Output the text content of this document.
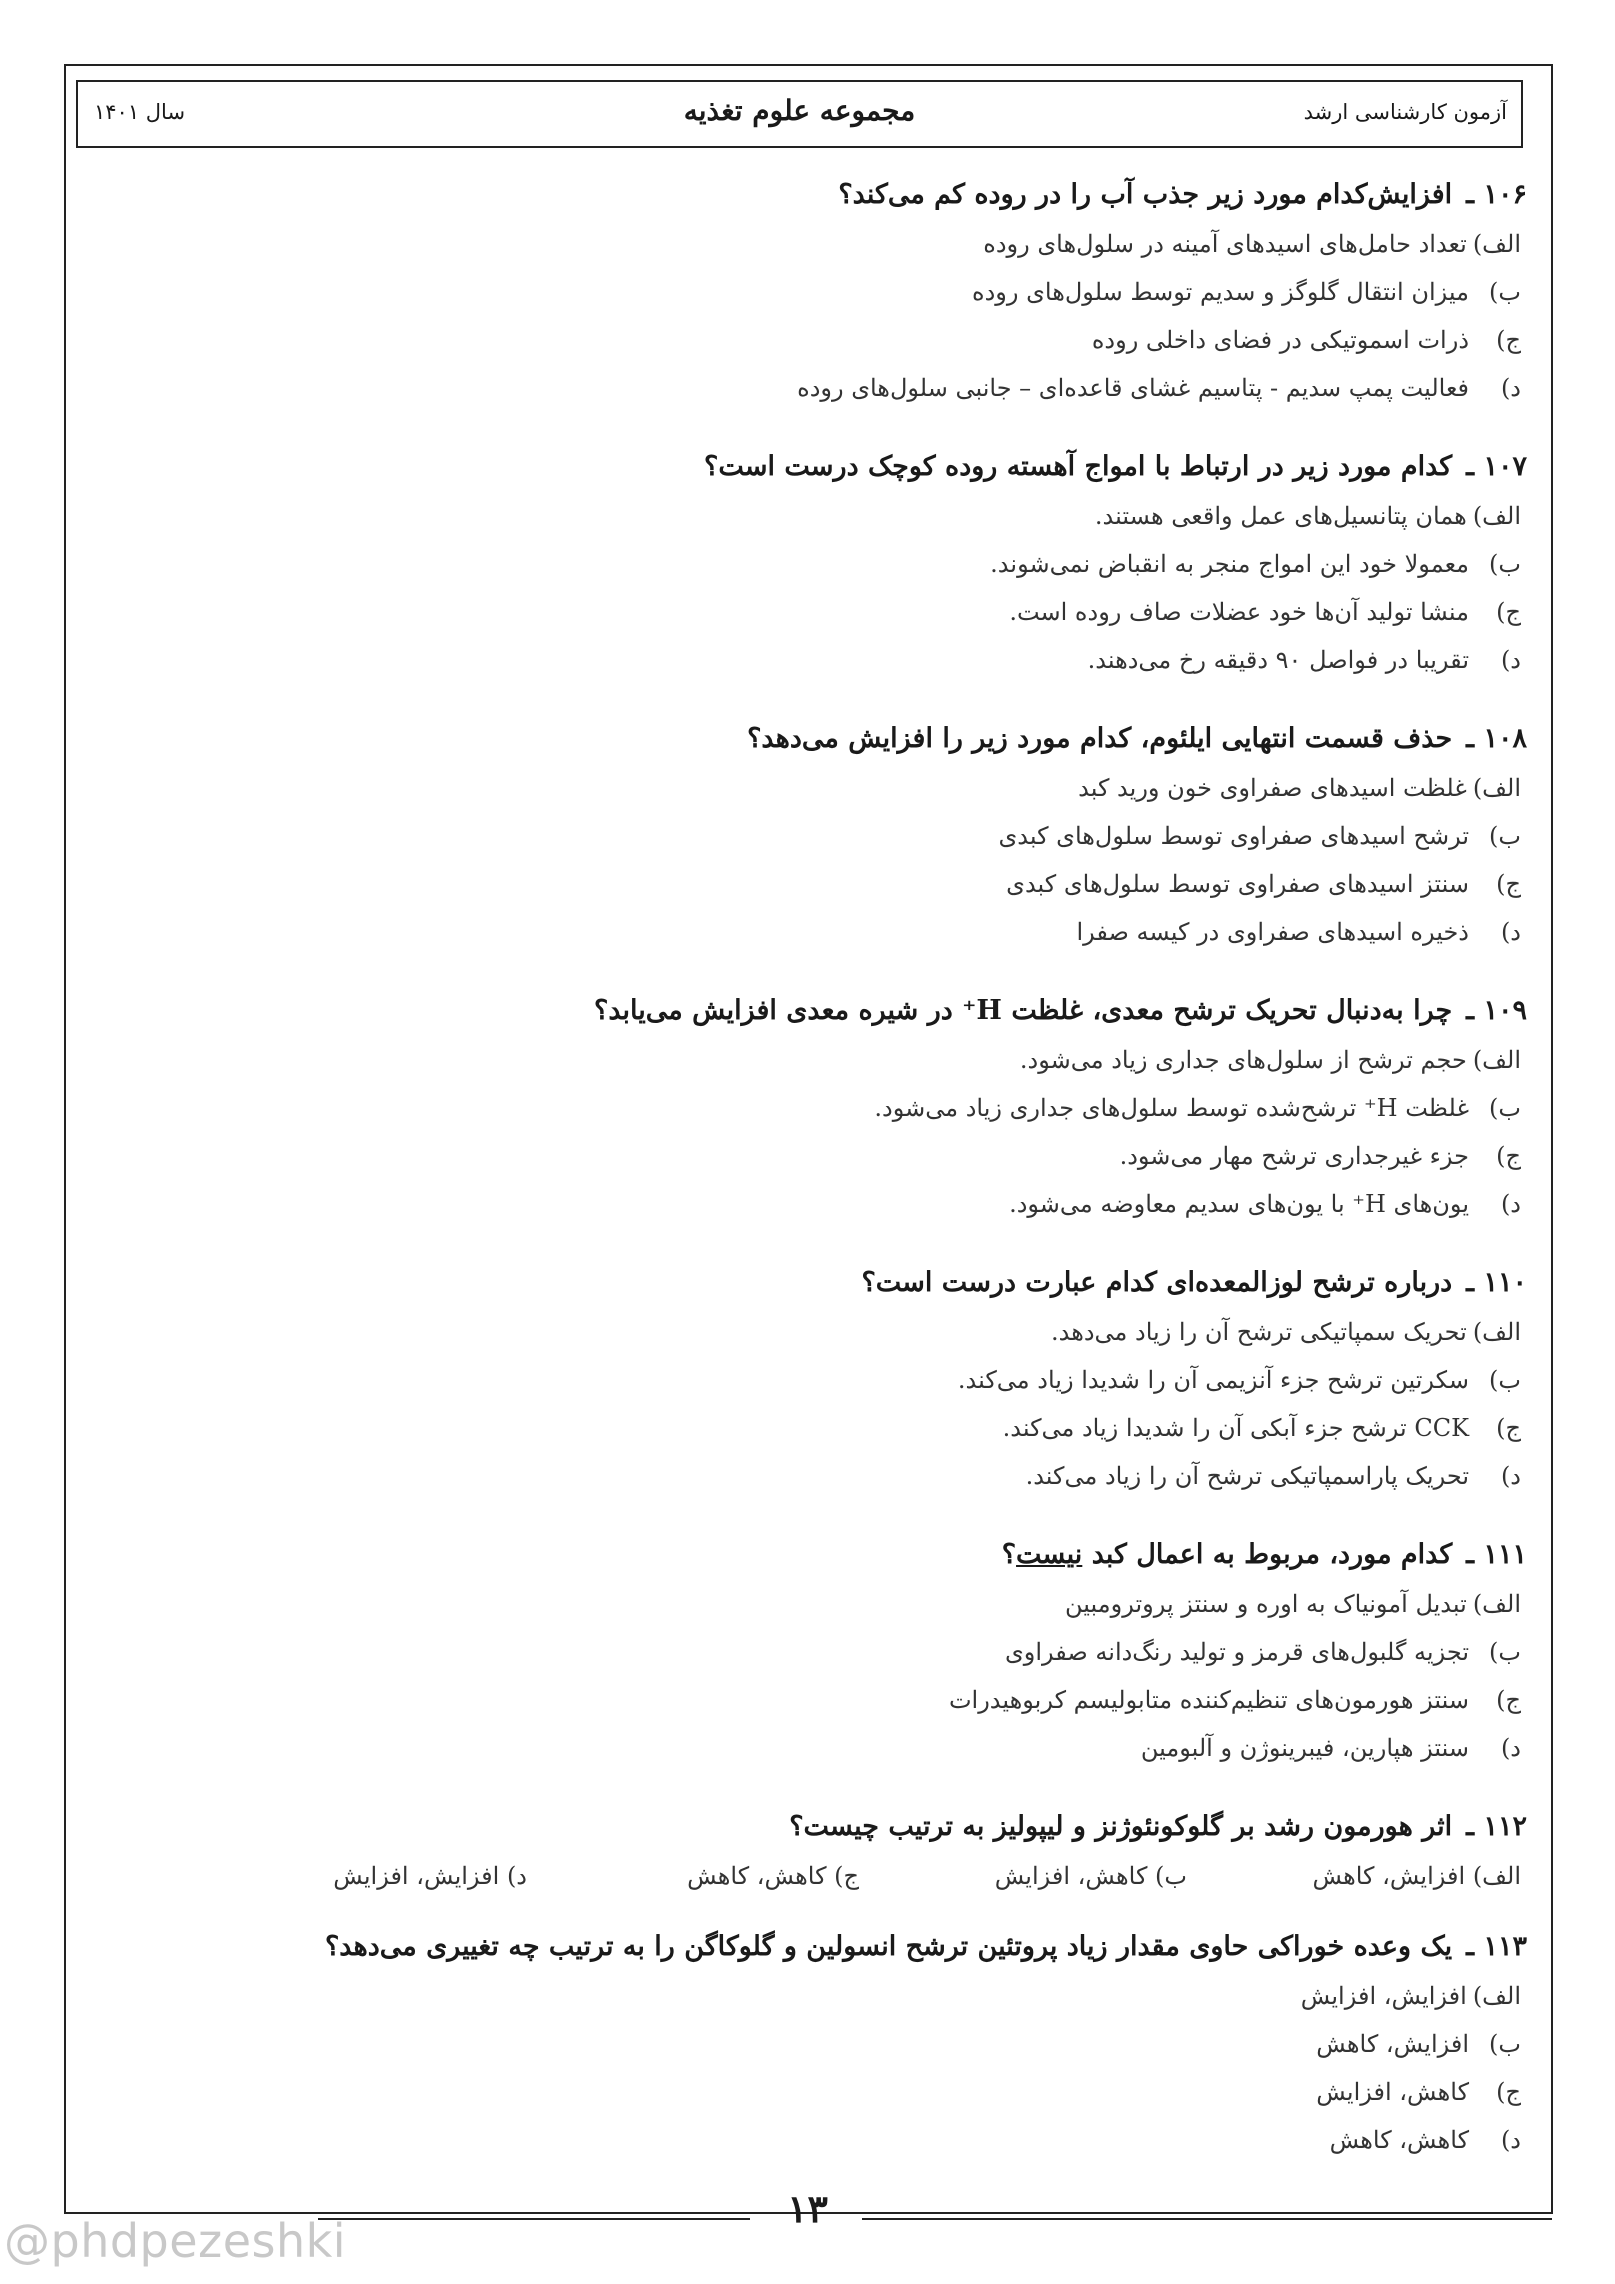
آزمون کارشناسی ارشد
مجموعه علوم تغذیه
سال ۱۴۰۱
۱۰۶ ـافزایش‌کدام مورد زیر جذب آب را در روده کم می‌کند؟
الف)تعداد حامل‌های اسیدهای آمینه در سلول‌های روده
ب)میزان انتقال گلوگز و سدیم توسط سلول‌های روده
ج)ذرات اسموتیکی در فضای داخلی روده
د)فعالیت پمپ سدیم - پتاسیم غشای قاعده‌ای – جانبی سلول‌های روده
۱۰۷ ـکدام مورد زیر در ارتباط با امواج آهسته روده کوچک درست است؟
الف)همان پتانسیل‌های عمل واقعی هستند.
ب)معمولا خود این امواج منجر به انقباض نمی‌شوند.
ج)منشا تولید آن‌ها خود عضلات صاف روده است.
د)تقریبا در فواصل ۹۰ دقیقه رخ می‌دهند.
۱۰۸ ـحذف قسمت انتهایی ایلئوم، کدام مورد زیر را افزایش می‌دهد؟
الف)غلظت اسیدهای صفراوی خون ورید کبد
ب)ترشح اسیدهای صفراوی توسط سلول‌های کبدی
ج)سنتز اسیدهای صفراوی توسط سلول‌های کبدی
د)ذخیره اسیدهای صفراوی در کیسه صفرا
۱۰۹ ـچرا به‌دنبال تحریک ترشح معدی، غلظت H⁺ در شیره معدی افزایش می‌یابد؟
الف)حجم ترشح از سلول‌های جداری زیاد می‌شود.
ب)غلظت H⁺ ترشح‌شده توسط سلول‌های جداری زیاد می‌شود.
ج)جزء غیرجداری ترشح مهار می‌شود.
د)یون‌های H⁺ با یون‌های سدیم معاوضه می‌شود.
۱۱۰ ـدرباره ترشح لوزالمعده‌ای کدام عبارت درست است؟
الف)تحریک سمپاتیکی ترشح آن را زیاد می‌دهد.
ب)سکرتین ترشح جزء آنزیمی آن را شدیدا زیاد می‌کند.
ج)CCK ترشح جزء آبکی آن را شدیدا زیاد می‌کند.
د)تحریک پاراسمپاتیکی ترشح آن را زیاد می‌کند.
۱۱۱ ـکدام مورد، مربوط به اعمال کبد نیست؟
الف)تبدیل آمونیاک به اوره و سنتز پروترومبین
ب)تجزیه گلبول‌های قرمز و تولید رنگ‌دانه صفراوی
ج)سنتز هورمون‌های تنظیم‌کننده متابولیسم کربوهیدرات
د)سنتز هپارین، فیبرینوژن و آلبومین
۱۱۲ ـاثر هورمون رشد بر گلوکونئوژنز و لیپولیز به ترتیب چیست؟
الف) افزایش، کاهش
ب) کاهش، افزایش
ج) کاهش، کاهش
د) افزایش، افزایش
۱۱۳ ـیک وعده خوراکی حاوی مقدار زیاد پروتئین ترشح انسولین و گلوکاگن را به ترتیب چه تغییری می‌دهد؟
الف)افزایش، افزایش
ب)افزایش، کاهش
ج)کاهش، افزایش
د)کاهش، کاهش
۱۳
@phdpezeshki
